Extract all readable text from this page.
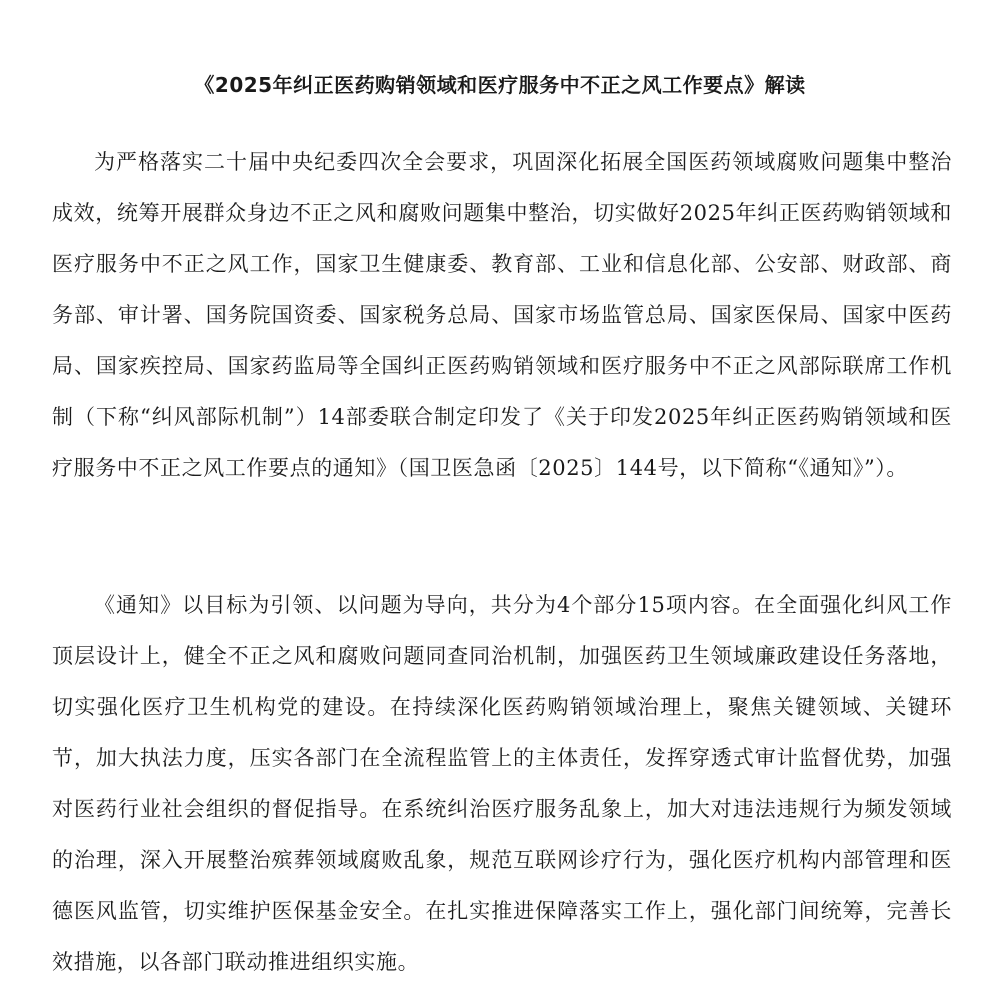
《2025年纠正医药购销领域和医疗服务中不正之风工作要点》解读

为严格落实二十届中央纪委四次全会要求，巩固深化拓展全国医药领域腐败问题集中整治成效，统筹开展群众身边不正之风和腐败问题集中整治，切实做好2025年纠正医药购销领域和医疗服务中不正之风工作，国家卫生健康委、教育部、工业和信息化部、公安部、财政部、商务部、审计署、国务院国资委、国家税务总局、国家市场监管总局、国家医保局、国家中医药局、国家疾控局、国家药监局等全国纠正医药购销领域和医疗服务中不正之风部际联席工作机制（下称“纠风部际机制”）14部委联合制定印发了《关于印发2025年纠正医药购销领域和医疗服务中不正之风工作要点的通知》（国卫医急函〔2025〕144号，以下简称“《通知》”）。

《通知》以目标为引领、以问题为导向，共分为4个部分15项内容。在全面强化纠风工作顶层设计上，健全不正之风和腐败问题同查同治机制，加强医药卫生领域廉政建设任务落地，切实强化医疗卫生机构党的建设。在持续深化医药购销领域治理上，聚焦关键领域、关键环节，加大执法力度，压实各部门在全流程监管上的主体责任，发挥穿透式审计监督优势，加强对医药行业社会组织的督促指导。在系统纠治医疗服务乱象上，加大对违法违规行为频发领域的治理，深入开展整治殡葬领域腐败乱象，规范互联网诊疗行为，强化医疗机构内部管理和医德医风监管，切实维护医保基金安全。在扎实推进保障落实工作上，强化部门间统筹，完善长效措施，以各部门联动推进组织实施。
